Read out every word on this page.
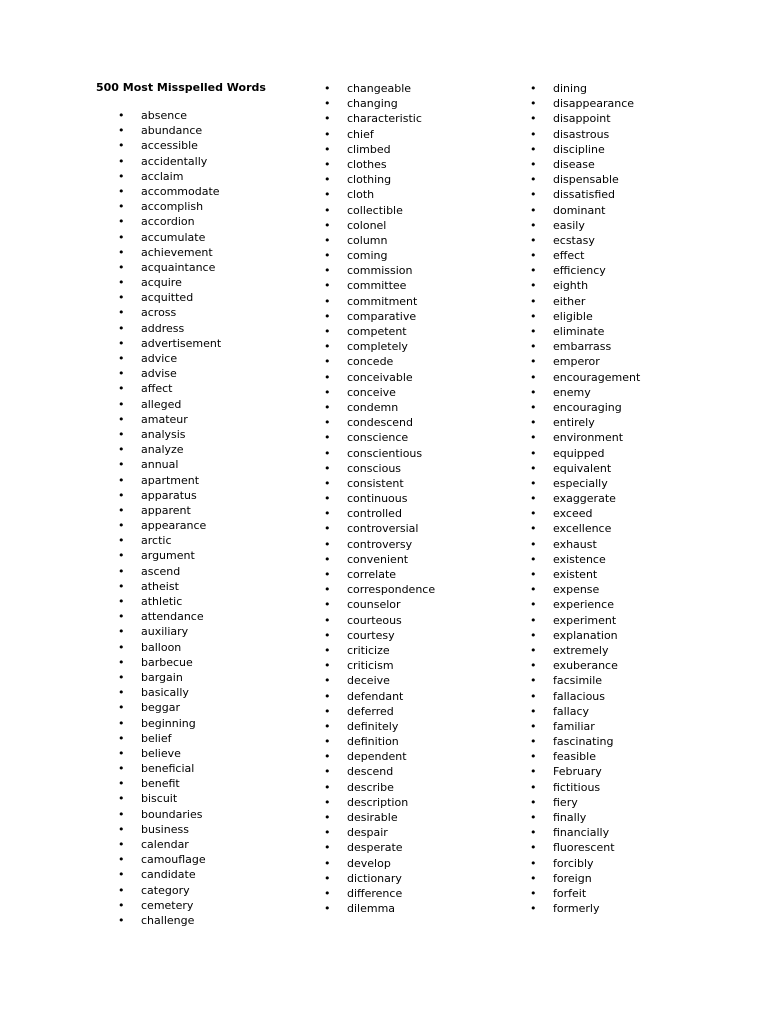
500 Most Misspelled Words
• absence
• abundance
• accessible
• accidentally
• acclaim
• accommodate
• accomplish
• accordion
• accumulate
• achievement
• acquaintance
• acquire
• acquitted
• across
• address
• advertisement
• advice
• advise
• affect
• alleged
• amateur
• analysis
• analyze
• annual
• apartment
• apparatus
• apparent
• appearance
• arctic
• argument
• ascend
• atheist
• athletic
• attendance
• auxiliary
• balloon
• barbecue
• bargain
• basically
• beggar
• beginning
• belief
• believe
• beneficial
• benefit
• biscuit
• boundaries
• business
• calendar
• camouflage
• candidate
• category
• cemetery
• challenge
• changeable
• changing
• characteristic
• chief
• climbed
• clothes
• clothing
• cloth
• collectible
• colonel
• column
• coming
• commission
• committee
• commitment
• comparative
• competent
• completely
• concede
• conceivable
• conceive
• condemn
• condescend
• conscience
• conscientious
• conscious
• consistent
• continuous
• controlled
• controversial
• controversy
• convenient
• correlate
• correspondence
• counselor
• courteous
• courtesy
• criticize
• criticism
• deceive
• defendant
• deferred
• definitely
• definition
• dependent
• descend
• describe
• description
• desirable
• despair
• desperate
• develop
• dictionary
• difference
• dilemma
• dining
• disappearance
• disappoint
• disastrous
• discipline
• disease
• dispensable
• dissatisfied
• dominant
• easily
• ecstasy
• effect
• efficiency
• eighth
• either
• eligible
• eliminate
• embarrass
• emperor
• encouragement
• enemy
• encouraging
• entirely
• environment
• equipped
• equivalent
• especially
• exaggerate
• exceed
• excellence
• exhaust
• existence
• existent
• expense
• experience
• experiment
• explanation
• extremely
• exuberance
• facsimile
• fallacious
• fallacy
• familiar
• fascinating
• feasible
• February
• fictitious
• fiery
• finally
• financially
• fluorescent
• forcibly
• foreign
• forfeit
• formerly
